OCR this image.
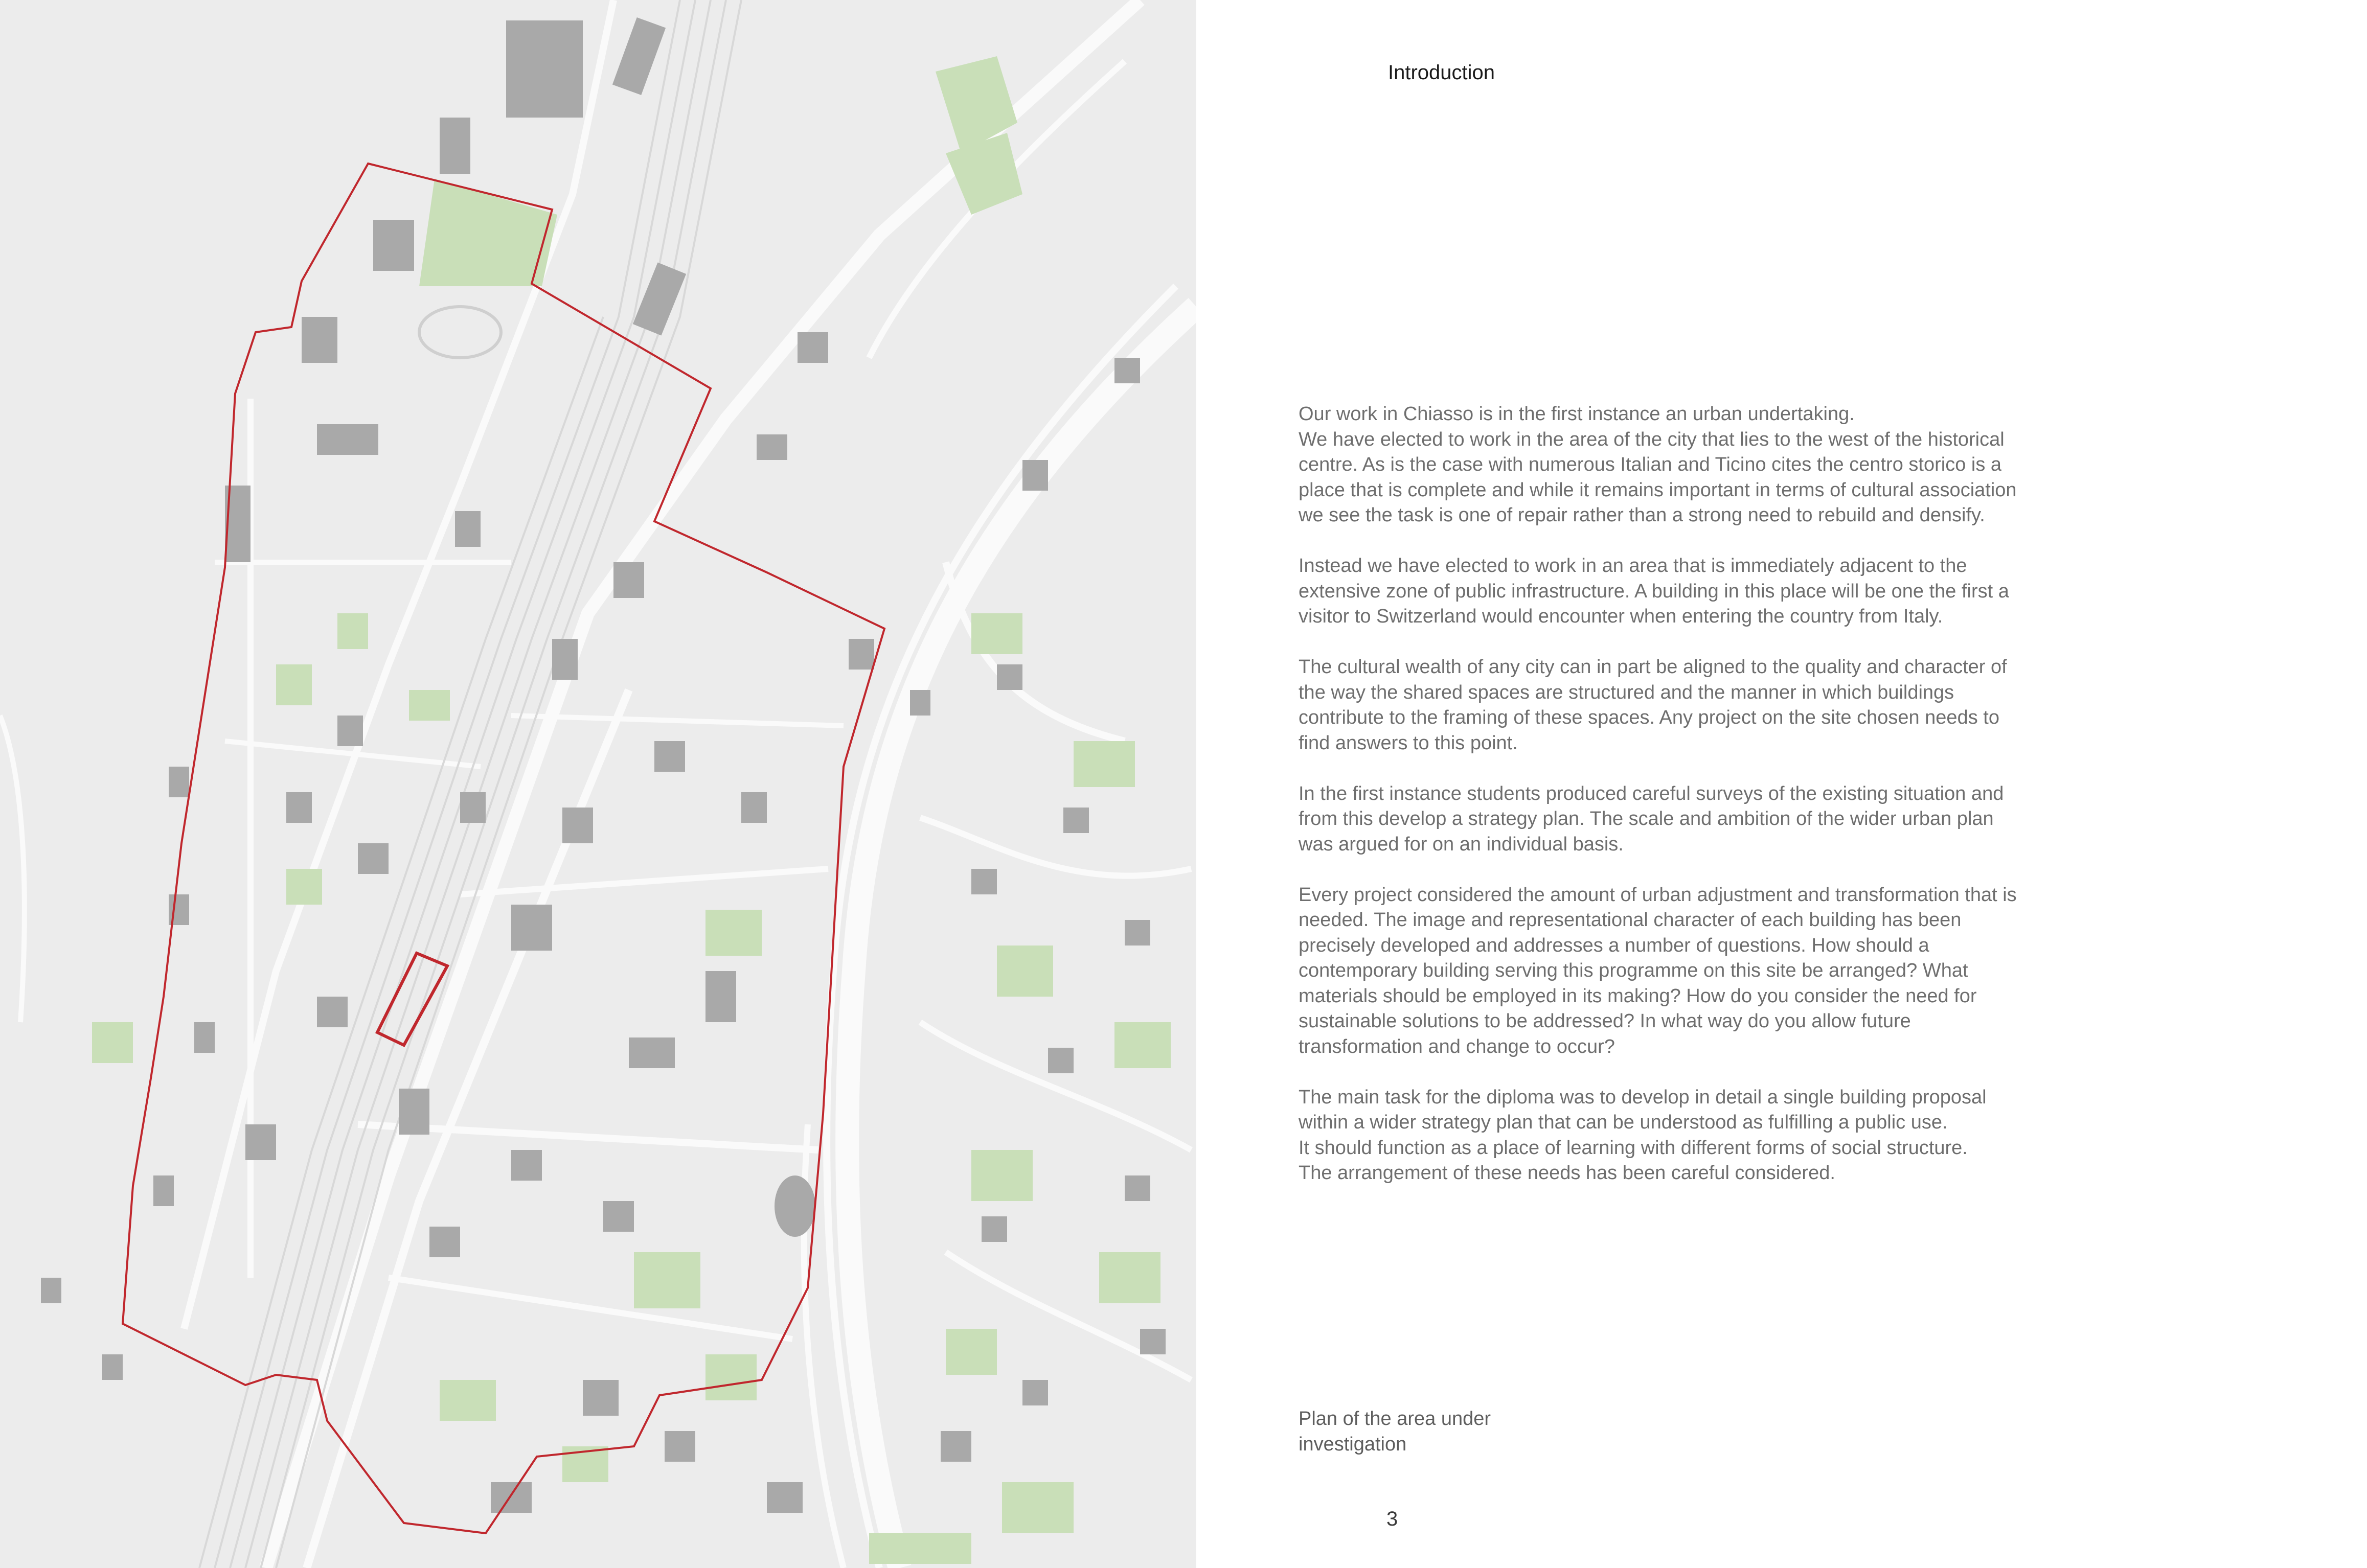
Introduction

Our work in Chiasso is in the first instance an urban undertaking.
We have elected to work in the area of the city that lies to the west of the historical
centre. As is the case with numerous Italian and Ticino cites the centro storico is a
place that is complete and while it remains important in terms of cultural association
we see the task is one of repair rather than a strong need to rebuild and densify.

Instead we have elected to work in an area that is immediately adjacent to the
extensive zone of public infrastructure. A building in this place will be one the first a
visitor to Switzerland would encounter when entering the country from Italy.

The cultural wealth of any city can in part be aligned to the quality and character of
the way the shared spaces are structured and the manner in which buildings
contribute to the framing of these spaces. Any project on the site chosen needs to
find answers to this point.

In the first instance students produced careful surveys of the existing situation and
from this develop a strategy plan. The scale and ambition of the wider urban plan
was argued for on an individual basis.

Every project considered the amount of urban adjustment and transformation that is
needed. The image and representational character of each building has been
precisely developed and addresses a number of questions. How should a
contemporary building serving this programme on this site be arranged? What
materials should be employed in its making? How do you consider the need for
sustainable solutions to be addressed? In what way do you allow future
transformation and change to occur?

The main task for the diploma was to develop in detail a single building proposal
within a wider strategy plan that can be understood as fulfilling a public use.
It should function as a place of learning with different forms of social structure.
The arrangement of these needs has been careful considered.

Plan of the area under
investigation
3
